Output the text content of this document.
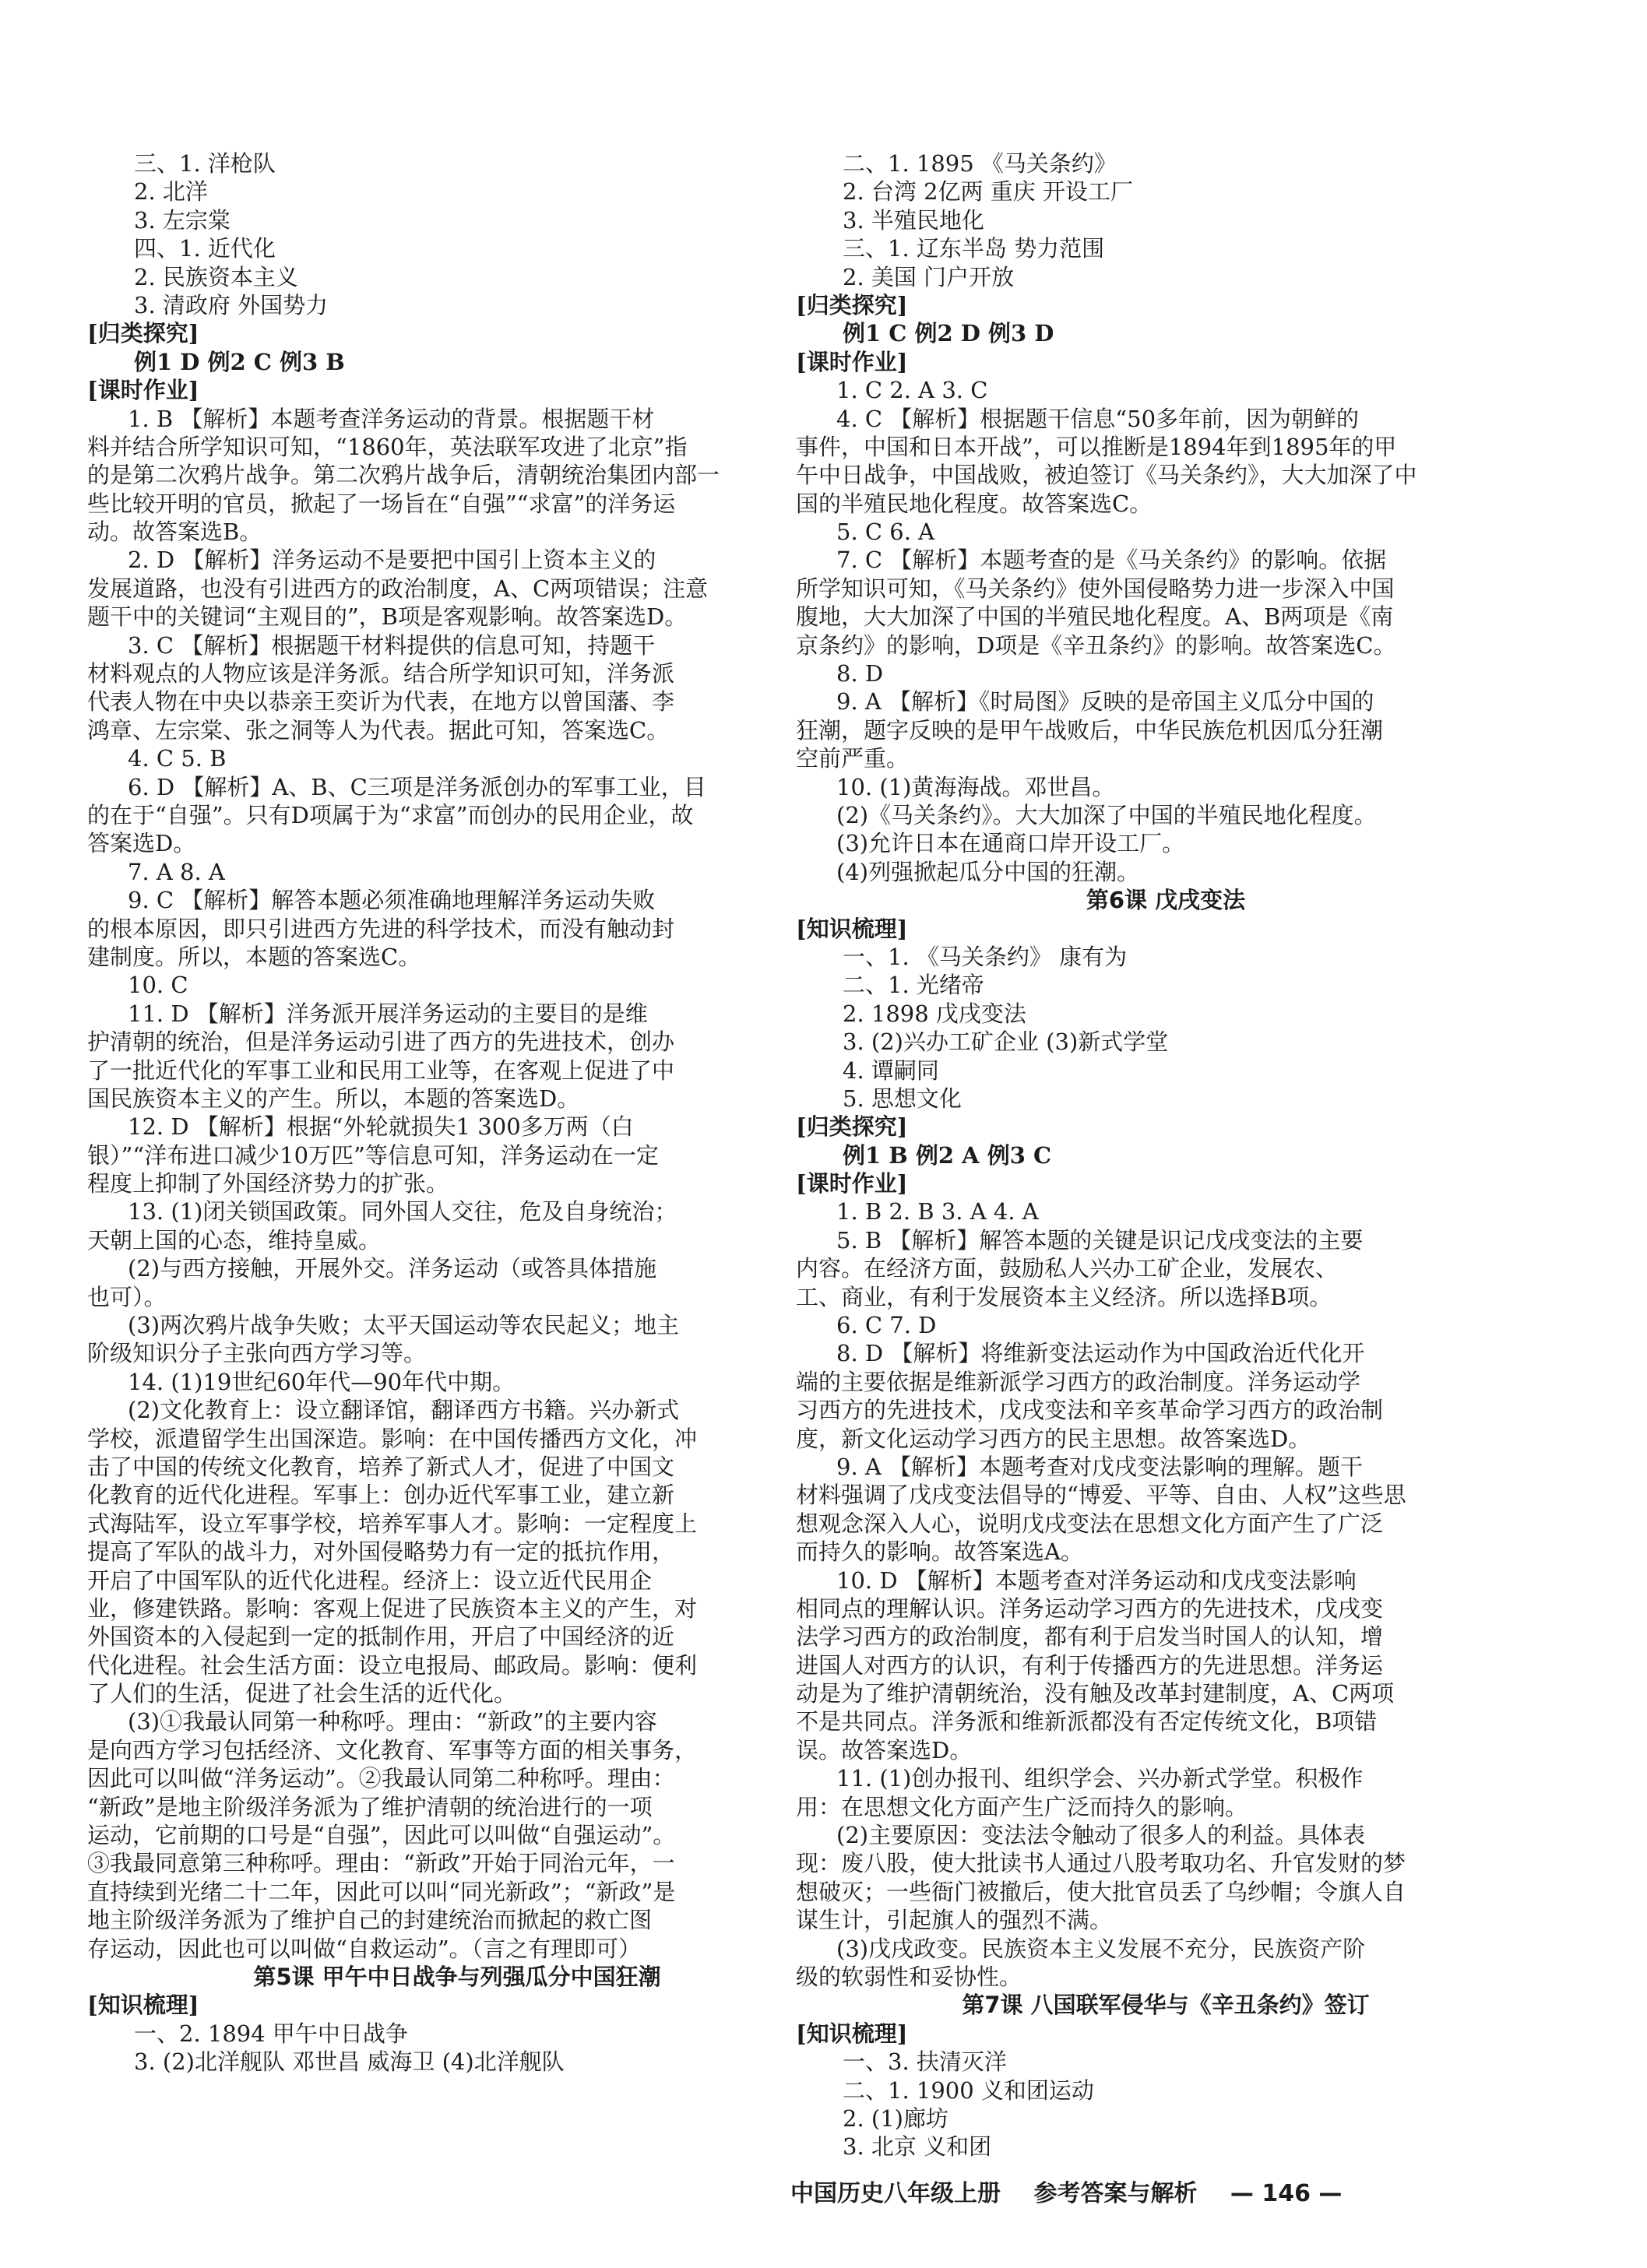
三、1. 洋枪队
2. 北洋
3. 左宗棠
四、1. 近代化
2. 民族资本主义
3. 清政府 外国势力
[归类探究]
例1 D 例2 C 例3 B
[课时作业]
1. B 【解析】本题考查洋务运动的背景。根据题干材
料并结合所学知识可知，“1860年，英法联军攻进了北京”指
的是第二次鸦片战争。第二次鸦片战争后，清朝统治集团内部一
些比较开明的官员，掀起了一场旨在“自强”“求富”的洋务运
动。故答案选B。
2. D 【解析】洋务运动不是要把中国引上资本主义的
发展道路，也没有引进西方的政治制度，A、C两项错误；注意
题干中的关键词“主观目的”，B项是客观影响。故答案选D。
3. C 【解析】根据题干材料提供的信息可知，持题干
材料观点的人物应该是洋务派。结合所学知识可知，洋务派
代表人物在中央以恭亲王奕䜣为代表，在地方以曾国藩、李
鸿章、左宗棠、张之洞等人为代表。据此可知，答案选C。
4. C 5. B
6. D 【解析】A、B、C三项是洋务派创办的军事工业，目
的在于“自强”。只有D项属于为“求富”而创办的民用企业，故
答案选D。
7. A 8. A
9. C 【解析】解答本题必须准确地理解洋务运动失败
的根本原因，即只引进西方先进的科学技术，而没有触动封
建制度。所以，本题的答案选C。
10. C
11. D 【解析】洋务派开展洋务运动的主要目的是维
护清朝的统治，但是洋务运动引进了西方的先进技术，创办
了一批近代化的军事工业和民用工业等，在客观上促进了中
国民族资本主义的产生。所以，本题的答案选D。
12. D 【解析】根据“外轮就损失1 300多万两（白
银）”“洋布进口减少10万匹”等信息可知，洋务运动在一定
程度上抑制了外国经济势力的扩张。
13. (1)闭关锁国政策。同外国人交往，危及自身统治；
天朝上国的心态，维持皇威。
(2)与西方接触，开展外交。洋务运动（或答具体措施
也可）。
(3)两次鸦片战争失败；太平天国运动等农民起义；地主
阶级知识分子主张向西方学习等。
14. (1)19世纪60年代—90年代中期。
(2)文化教育上：设立翻译馆，翻译西方书籍。兴办新式
学校，派遣留学生出国深造。影响：在中国传播西方文化，冲
击了中国的传统文化教育，培养了新式人才，促进了中国文
化教育的近代化进程。军事上：创办近代军事工业，建立新
式海陆军，设立军事学校，培养军事人才。影响：一定程度上
提高了军队的战斗力，对外国侵略势力有一定的抵抗作用，
开启了中国军队的近代化进程。经济上：设立近代民用企
业，修建铁路。影响：客观上促进了民族资本主义的产生，对
外国资本的入侵起到一定的抵制作用，开启了中国经济的近
代化进程。社会生活方面：设立电报局、邮政局。影响：便利
了人们的生活，促进了社会生活的近代化。
(3)①我最认同第一种称呼。理由：“新政”的主要内容
是向西方学习包括经济、文化教育、军事等方面的相关事务，
因此可以叫做“洋务运动”。②我最认同第二种称呼。理由：
“新政”是地主阶级洋务派为了维护清朝的统治进行的一项
运动，它前期的口号是“自强”，因此可以叫做“自强运动”。
③我最同意第三种称呼。理由：“新政”开始于同治元年，一
直持续到光绪二十二年，因此可以叫“同光新政”；“新政”是
地主阶级洋务派为了维护自己的封建统治而掀起的救亡图
存运动，因此也可以叫做“自救运动”。（言之有理即可）
第5课 甲午中日战争与列强瓜分中国狂潮
[知识梳理]
一、2. 1894 甲午中日战争
3. (2)北洋舰队 邓世昌 威海卫 (4)北洋舰队
二、1. 1895 《马关条约》
2. 台湾 2亿两 重庆 开设工厂
3. 半殖民地化
三、1. 辽东半岛 势力范围
2. 美国 门户开放
[归类探究]
例1 C 例2 D 例3 D
[课时作业]
1. C 2. A 3. C
4. C 【解析】根据题干信息“50多年前，因为朝鲜的
事件，中国和日本开战”，可以推断是1894年到1895年的甲
午中日战争，中国战败，被迫签订《马关条约》，大大加深了中
国的半殖民地化程度。故答案选C。
5. C 6. A
7. C 【解析】本题考查的是《马关条约》的影响。依据
所学知识可知，《马关条约》使外国侵略势力进一步深入中国
腹地，大大加深了中国的半殖民地化程度。A、B两项是《南
京条约》的影响，D项是《辛丑条约》的影响。故答案选C。
8. D
9. A 【解析】《时局图》反映的是帝国主义瓜分中国的
狂潮，题字反映的是甲午战败后，中华民族危机因瓜分狂潮
空前严重。
10. (1)黄海海战。邓世昌。
(2)《马关条约》。大大加深了中国的半殖民地化程度。
(3)允许日本在通商口岸开设工厂。
(4)列强掀起瓜分中国的狂潮。
第6课 戊戌变法
[知识梳理]
一、1. 《马关条约》 康有为
二、1. 光绪帝
2. 1898 戊戌变法
3. (2)兴办工矿企业 (3)新式学堂
4. 谭嗣同
5. 思想文化
[归类探究]
例1 B 例2 A 例3 C
[课时作业]
1. B 2. B 3. A 4. A
5. B 【解析】解答本题的关键是识记戊戌变法的主要
内容。在经济方面，鼓励私人兴办工矿企业，发展农、
工、商业，有利于发展资本主义经济。所以选择B项。
6. C 7. D
8. D 【解析】将维新变法运动作为中国政治近代化开
端的主要依据是维新派学习西方的政治制度。洋务运动学
习西方的先进技术，戊戌变法和辛亥革命学习西方的政治制
度，新文化运动学习西方的民主思想。故答案选D。
9. A 【解析】本题考查对戊戌变法影响的理解。题干
材料强调了戊戌变法倡导的“博爱、平等、自由、人权”这些思
想观念深入人心，说明戊戌变法在思想文化方面产生了广泛
而持久的影响。故答案选A。
10. D 【解析】本题考查对洋务运动和戊戌变法影响
相同点的理解认识。洋务运动学习西方的先进技术，戊戌变
法学习西方的政治制度，都有利于启发当时国人的认知，增
进国人对西方的认识，有利于传播西方的先进思想。洋务运
动是为了维护清朝统治，没有触及改革封建制度，A、C两项
不是共同点。洋务派和维新派都没有否定传统文化，B项错
误。故答案选D。
11. (1)创办报刊、组织学会、兴办新式学堂。积极作
用：在思想文化方面产生广泛而持久的影响。
(2)主要原因：变法法令触动了很多人的利益。具体表
现：废八股，使大批读书人通过八股考取功名、升官发财的梦
想破灭；一些衙门被撤后，使大批官员丢了乌纱帽；令旗人自
谋生计，引起旗人的强烈不满。
(3)戊戌政变。民族资本主义发展不充分，民族资产阶
级的软弱性和妥协性。
第7课 八国联军侵华与《辛丑条约》签订
[知识梳理]
一、3. 扶清灭洋
二、1. 1900 义和团运动
2. (1)廊坊
3. 北京 义和团
中国历史八年级上册 参考答案与解析 — 146 —
